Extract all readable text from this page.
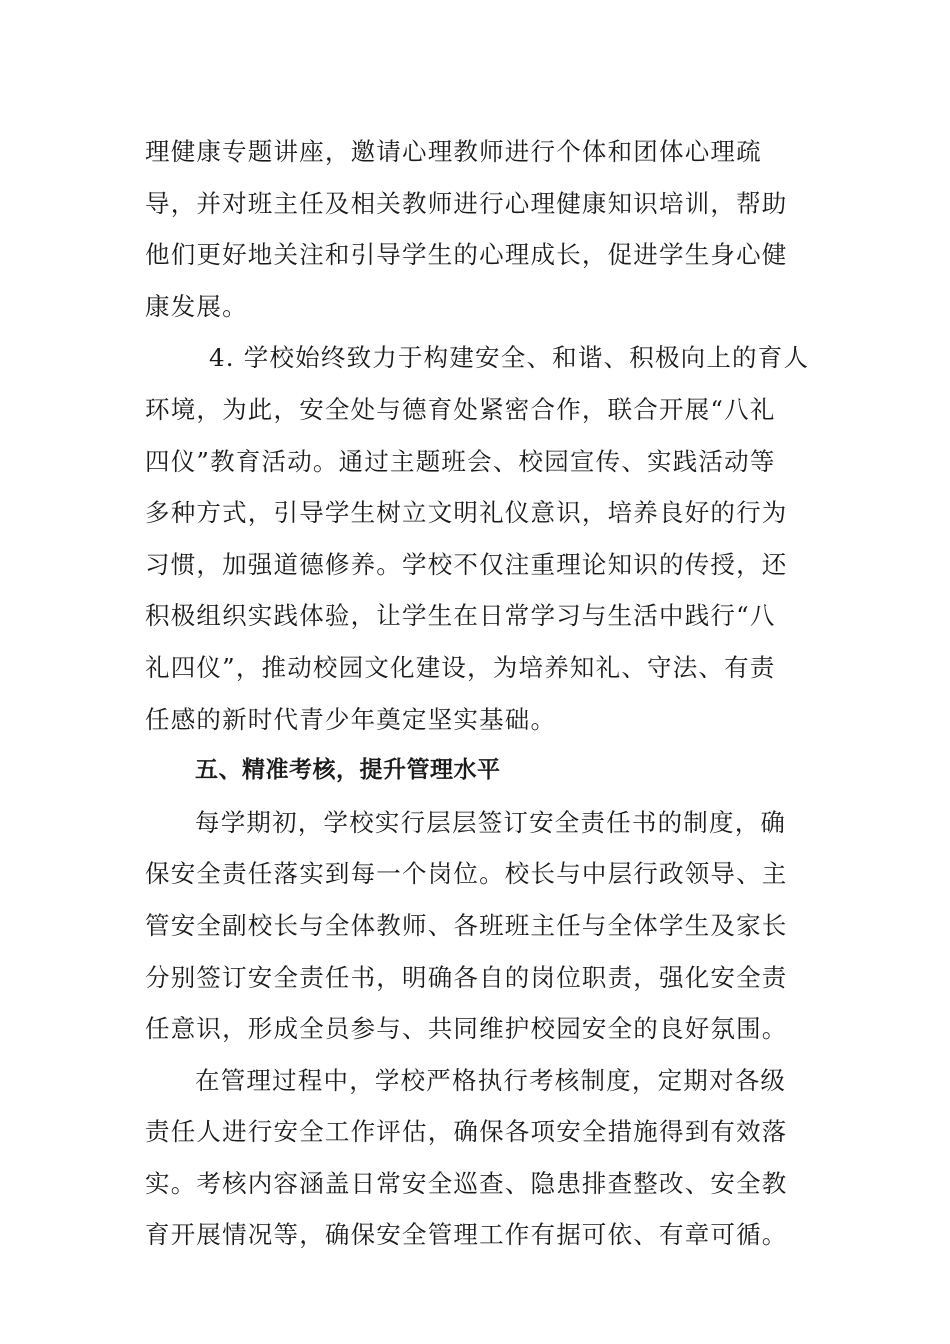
理健康专题讲座，邀请心理教师进行个体和团体心理疏
导，并对班主任及相关教师进行心理健康知识培训，帮助
他们更好地关注和引导学生的心理成长，促进学生身心健
康发展。
4. 学校始终致力于构建安全、和谐、积极向上的育人
环境，为此，安全处与德育处紧密合作，联合开展“八礼
四仪”教育活动。通过主题班会、校园宣传、实践活动等
多种方式，引导学生树立文明礼仪意识，培养良好的行为
习惯，加强道德修养。学校不仅注重理论知识的传授，还
积极组织实践体验，让学生在日常学习与生活中践行“八
礼四仪”，推动校园文化建设，为培养知礼、守法、有责
任感的新时代青少年奠定坚实基础。
五、精准考核，提升管理水平
每学期初，学校实行层层签订安全责任书的制度，确
保安全责任落实到每一个岗位。校长与中层行政领导、主
管安全副校长与全体教师、各班班主任与全体学生及家长
分别签订安全责任书，明确各自的岗位职责，强化安全责
任意识，形成全员参与、共同维护校园安全的良好氛围。
在管理过程中，学校严格执行考核制度，定期对各级
责任人进行安全工作评估，确保各项安全措施得到有效落
实。考核内容涵盖日常安全巡查、隐患排查整改、安全教
育开展情况等，确保安全管理工作有据可依、有章可循。
